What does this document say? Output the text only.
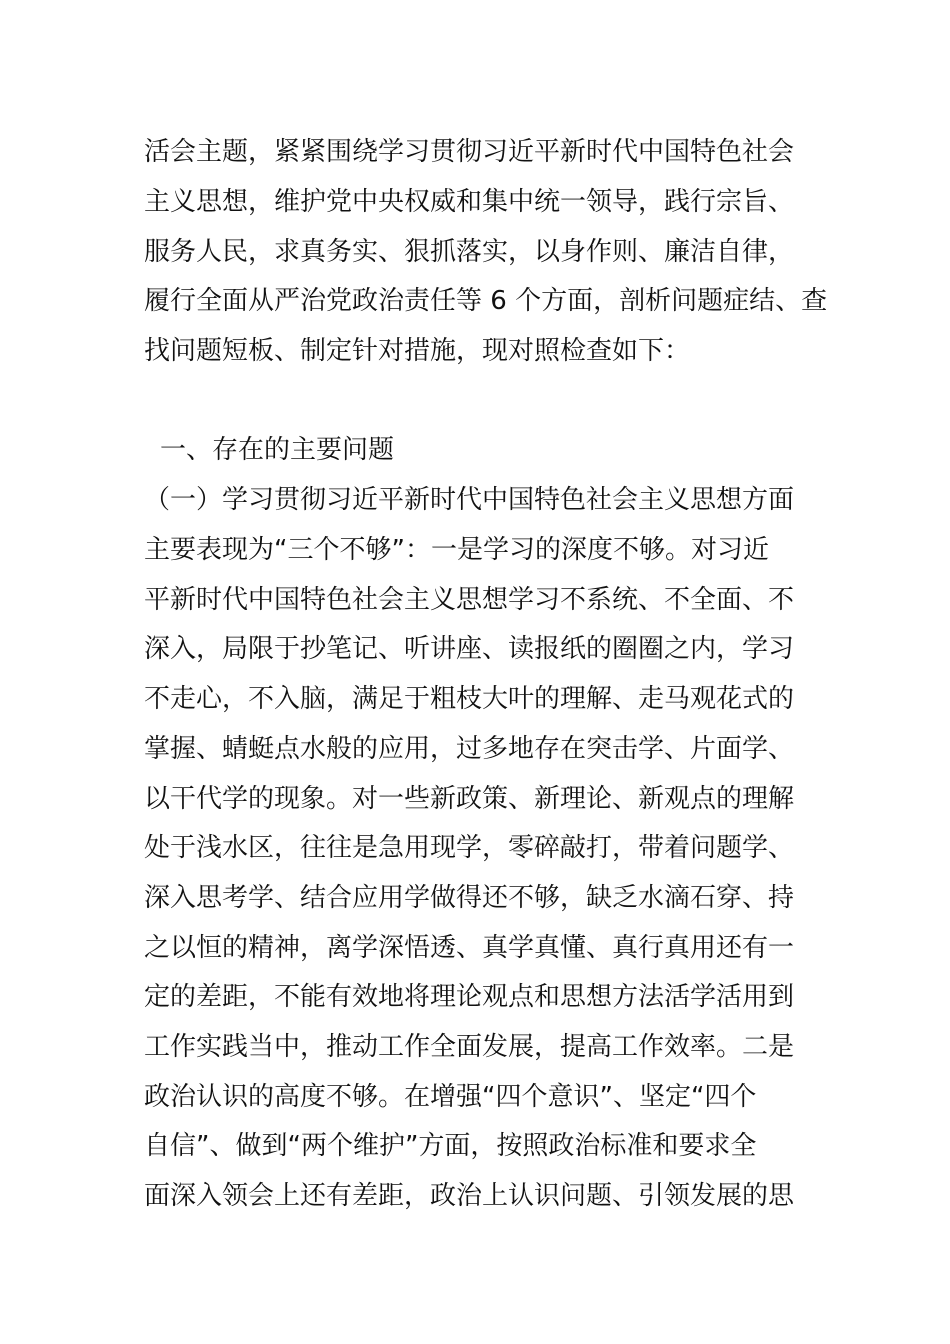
活会主题，紧紧围绕学习贯彻习近平新时代中国特色社会
主义思想，维护党中央权威和集中统一领导，践行宗旨、
服务人民，求真务实、狠抓落实，以身作则、廉洁自律，
履行全面从严治党政治责任等 6 个方面，剖析问题症结、查
找问题短板、制定针对措施，现对照检查如下：
一、存在的主要问题
（一）学习贯彻习近平新时代中国特色社会主义思想方面
主要表现为“三个不够”：一是学习的深度不够。对习近
平新时代中国特色社会主义思想学习不系统、不全面、不
深入，局限于抄笔记、听讲座、读报纸的圈圈之内，学习
不走心，不入脑，满足于粗枝大叶的理解、走马观花式的
掌握、蜻蜓点水般的应用，过多地存在突击学、片面学、
以干代学的现象。对一些新政策、新理论、新观点的理解
处于浅水区，往往是急用现学，零碎敲打，带着问题学、
深入思考学、结合应用学做得还不够，缺乏水滴石穿、持
之以恒的精神，离学深悟透、真学真懂、真行真用还有一
定的差距，不能有效地将理论观点和思想方法活学活用到
工作实践当中，推动工作全面发展，提高工作效率。二是
政治认识的高度不够。在增强“四个意识”、坚定“四个
自信”、做到“两个维护”方面，按照政治标准和要求全
面深入领会上还有差距，政治上认识问题、引领发展的思
